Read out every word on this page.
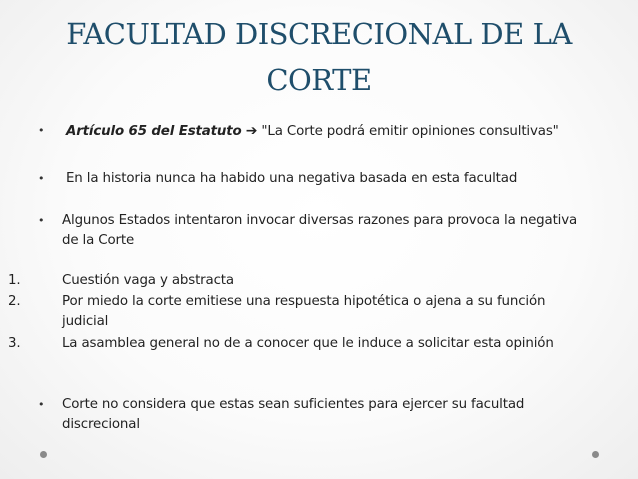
FACULTAD DISCRECIONAL DE LA CORTE
• Artículo 65 del Estatuto ➔ "La Corte podrá emitir opiniones consultivas"
• En la historia nunca ha habido una negativa basada en esta facultad
• Algunos Estados intentaron invocar diversas razones para provoca la negativa de la Corte
1.	Cuestión vaga y abstracta
2.	Por miedo la corte emitiese una respuesta hipotética o ajena a su función judicial
3.	La asamblea general no de a conocer que le induce a solicitar esta opinión
• Corte no considera que estas sean suficientes para ejercer su facultad discrecional
